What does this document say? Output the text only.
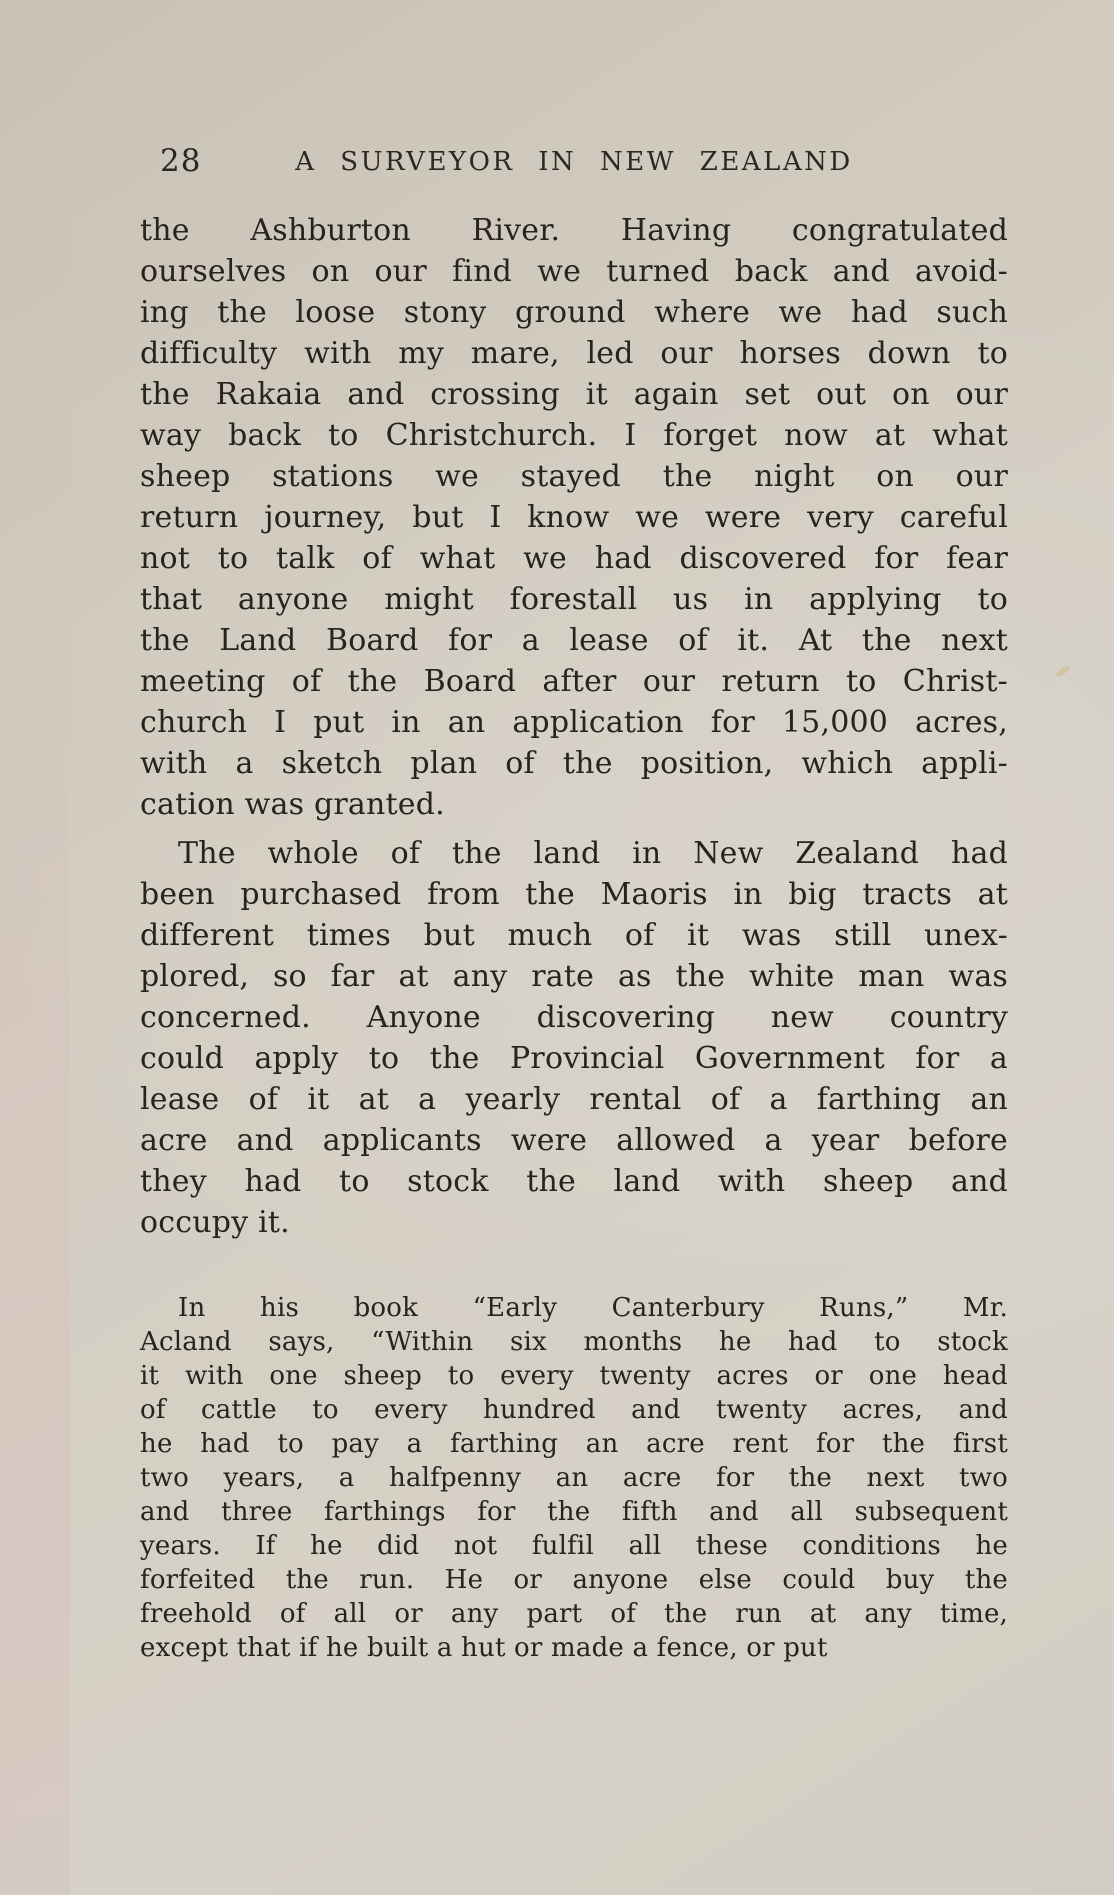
28	A SURVEYOR IN NEW ZEALAND
the Ashburton River. Having congratulated
ourselves on our find we turned back and avoid-
ing the loose stony ground where we had such
difficulty with my mare, led our horses down to
the Rakaia and crossing it again set out on our
way back to Christchurch. I forget now at what
sheep stations we stayed the night on our
return journey, but I know we were very careful
not to talk of what we had discovered for fear
that anyone might forestall us in applying to
the Land Board for a lease of it. At the next
meeting of the Board after our return to Christ-
church I put in an application for 15,000 acres,
with a sketch plan of the position, which appli-
cation was granted.
The whole of the land in New Zealand had
been purchased from the Maoris in big tracts at
different times but much of it was still unex-
plored, so far at any rate as the white man was
concerned. Anyone discovering new country
could apply to the Provincial Government for a
lease of it at a yearly rental of a farthing an
acre and applicants were allowed a year before
they had to stock the land with sheep and
occupy it.
In his book “Early Canterbury Runs,” Mr.
Acland says, “Within six months he had to stock
it with one sheep to every twenty acres or one head
of cattle to every hundred and twenty acres, and
he had to pay a farthing an acre rent for the first
two years, a halfpenny an acre for the next two
and three farthings for the fifth and all subsequent
years. If he did not fulfil all these conditions he
forfeited the run. He or anyone else could buy the
freehold of all or any part of the run at any time,
except that if he built a hut or made a fence, or put
